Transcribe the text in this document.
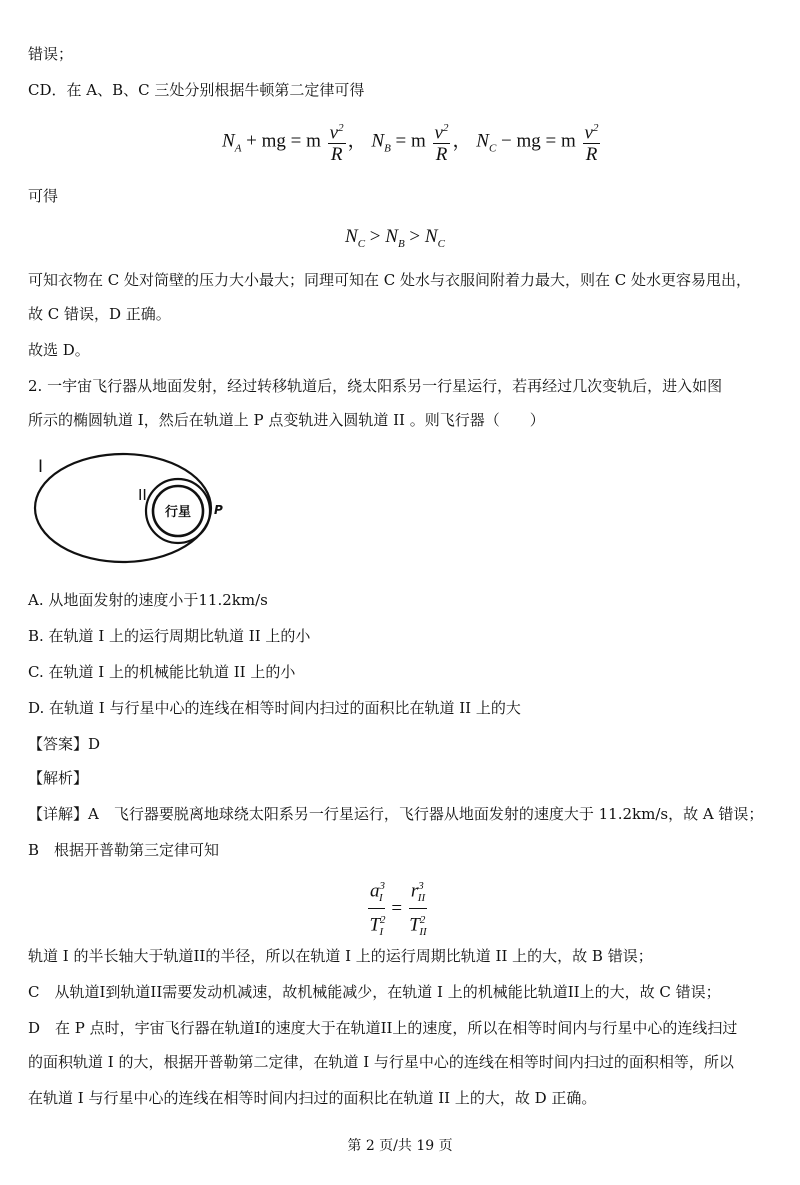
错误；
CD．在 A、B、C 三处分别根据牛顿第二定律可得
$N_A$ + mg = m $\frac{v^2}{R}$ ， $N_B = m \frac{v^2}{R}$ ， $N_C$ − mg = m $\frac{v^2}{R}$
可得
$N_C > N_B > N_C$
可知衣物在 C 处对筒壁的压力大小最大；同理可知在 C 处水与衣服间附着力最大，则在 C 处水更容易甩出，
故 C 错误，D 正确。
故选 D。
2. 一宇宙飞行器从地面发射，经过转移轨道后，绕太阳系另一行星运行，若再经过几次变轨后，进入如图
所示的椭圆轨道 I，然后在轨道上 P 点变轨进入圆轨道 II 。则飞行器（　　）
I
II
行星 P
A. 从地面发射的速度小于11.2km/s
B. 在轨道 I 上的运行周期比轨道 II 上的小
C. 在轨道 I 上的机械能比轨道 II 上的小
D. 在轨道 I 与行星中心的连线在相等时间内扫过的面积比在轨道 II 上的大
【答案】D
【解析】
【详解】A　飞行器要脱离地球绕太阳系另一行星运行，飞行器从地面发射的速度大于 11.2km/s，故 A 错误；
B　根据开普勒第三定律可知
$\frac{a^3_I}{T^2_I} = \frac{r^3_{II}}{T^2_{II}}$
轨道 I 的半长轴大于轨道II的半径，所以在轨道 I 上的运行周期比轨道 II 上的大，故 B 错误；
C　从轨道I到轨道II需要发动机减速，故机械能减少，在轨道 I 上的机械能比轨道II上的大，故 C 错误；
D　在 P 点时，宇宙飞行器在轨道I的速度大于在轨道II上的速度，所以在相等时间内与行星中心的连线扫过
的面积轨道 I 的大，根据开普勒第二定律，在轨道 I 与行星中心的连线在相等时间内扫过的面积相等，所以
在轨道 I 与行星中心的连线在相等时间内扫过的面积比在轨道 II 上的大，故 D 正确。
第 2 页/共 19 页
